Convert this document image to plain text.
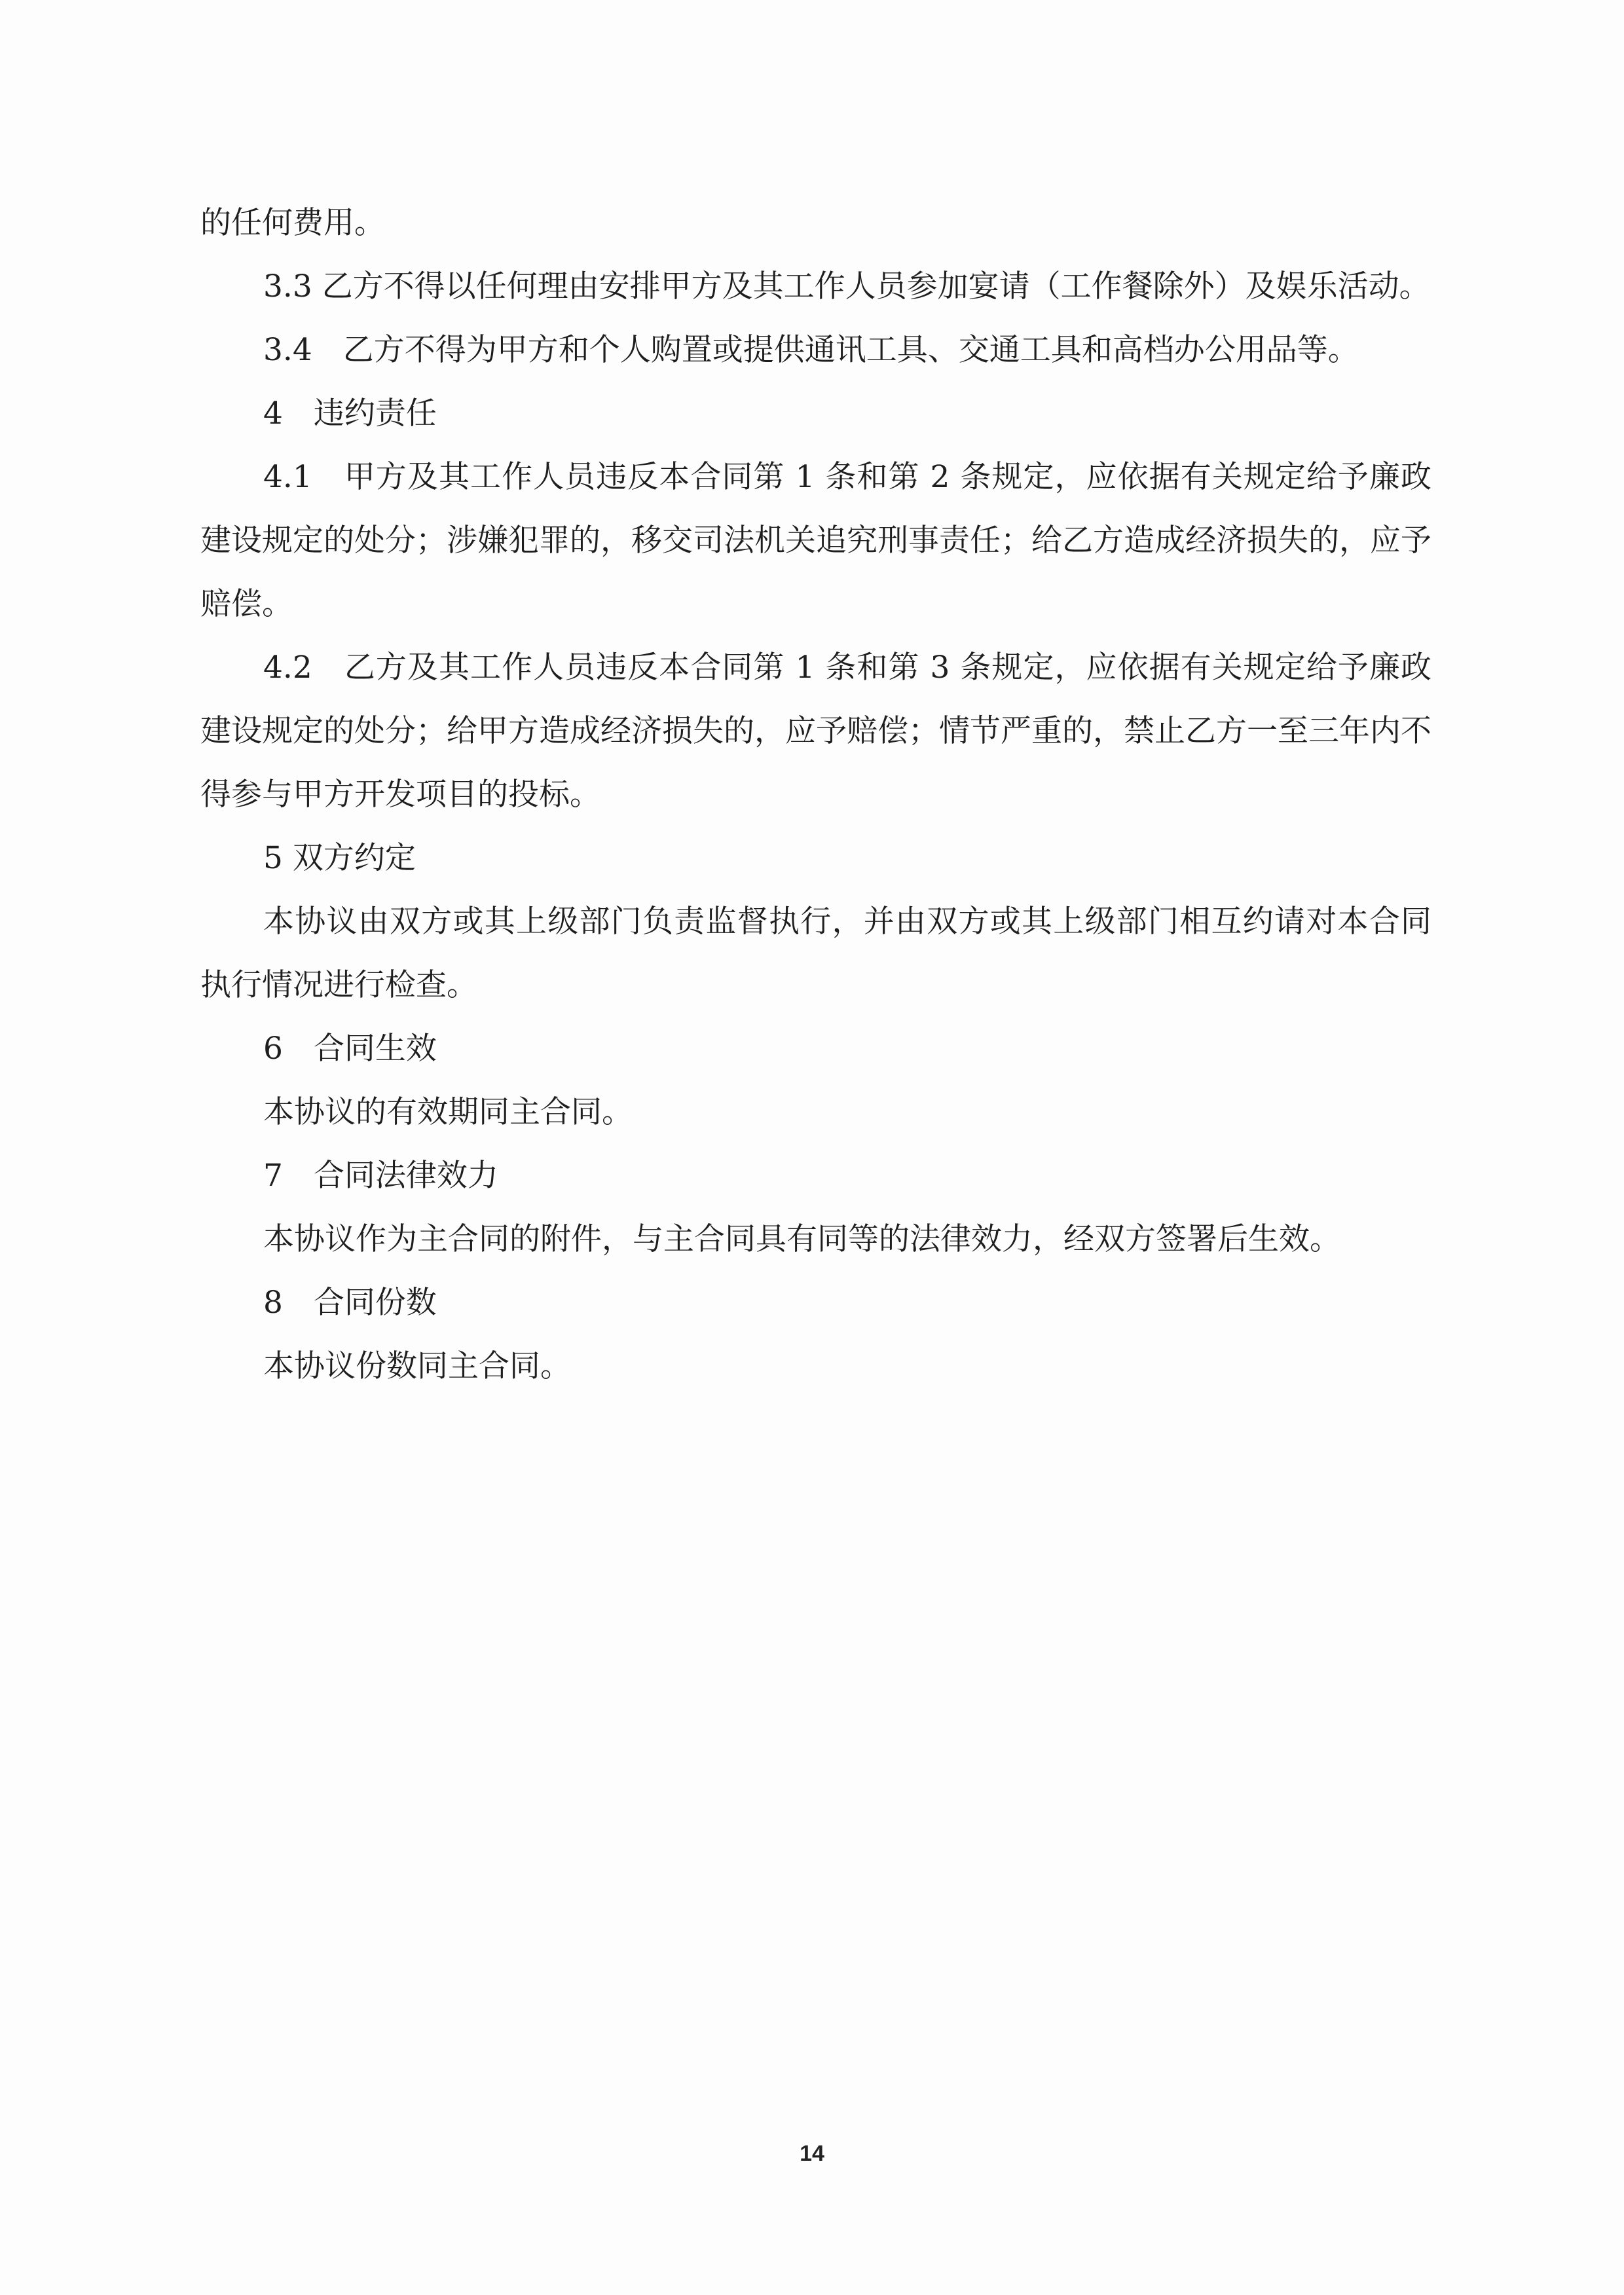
的任何费用。

3.3 乙方不得以任何理由安排甲方及其工作人员参加宴请（工作餐除外）及娱乐活动。

3.4　乙方不得为甲方和个人购置或提供通讯工具、交通工具和高档办公用品等。

4　违约责任

4.1　甲方及其工作人员违反本合同第 1 条和第 2 条规定，应依据有关规定给予廉政建设规定的处分；涉嫌犯罪的，移交司法机关追究刑事责任；给乙方造成经济损失的，应予赔偿。

4.2　乙方及其工作人员违反本合同第 1 条和第 3 条规定，应依据有关规定给予廉政建设规定的处分；给甲方造成经济损失的，应予赔偿；情节严重的，禁止乙方一至三年内不得参与甲方开发项目的投标。

5 双方约定

本协议由双方或其上级部门负责监督执行，并由双方或其上级部门相互约请对本合同执行情况进行检查。

6　合同生效

本协议的有效期同主合同。

7　合同法律效力

本协议作为主合同的附件，与主合同具有同等的法律效力，经双方签署后生效。

8　合同份数

本协议份数同主合同。

14
